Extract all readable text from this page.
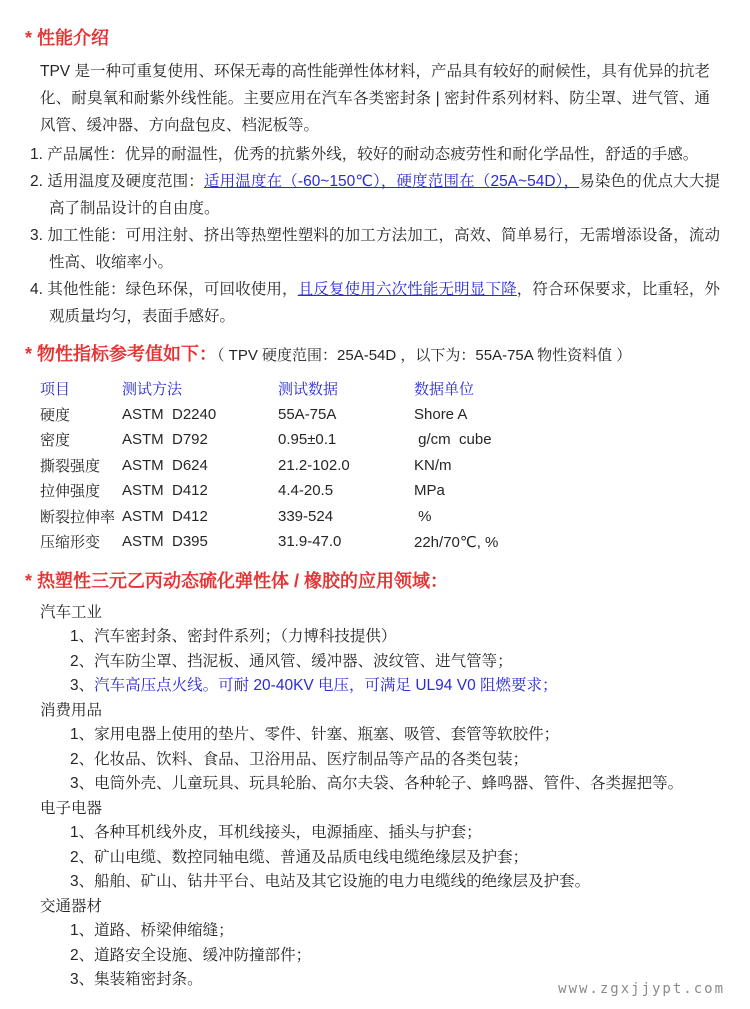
* 性能介绍
TPV 是一种可重复使用、环保无毒的高性能弹性体材料，产品具有较好的耐候性，具有优异的抗老化、耐臭氧和耐紫外线性能。主要应用在汽车各类密封条 | 密封件系列材料、防尘罩、进气管、通风管、缓冲器、方向盘包皮、档泥板等。
1. 产品属性：优异的耐温性，优秀的抗紫外线，较好的耐动态疲劳性和耐化学品性，舒适的手感。
2. 适用温度及硬度范围：适用温度在（-60~150℃），硬度范围在（25A~54D），易染色的优点大大提高了制品设计的自由度。
3. 加工性能：可用注射、挤出等热塑性塑料的加工方法加工，高效、简单易行，无需增添设备，流动性高、收缩率小。
4. 其他性能：绿色环保，可回收使用，且反复使用六次性能无明显下降，符合环保要求，比重轻，外观质量均匀，表面手感好。
* 物性指标参考值如下：（ TPV 硬度范围：25A-54D ，以下为：55A-75A 物性资料值 ）
项目	测试方法	测试数据	数据单位
硬度	ASTM  D2240	55A-75A	Shore A
密度	ASTM  D792	0.95±0.1	g/cm  cube
撕裂强度	ASTM  D624	21.2-102.0	KN/m
拉伸强度	ASTM  D412	4.4-20.5	MPa
断裂拉伸率	ASTM  D412	339-524	%
压缩形变	ASTM  D395	31.9-47.0	22h/70℃, %
* 热塑性三元乙丙动态硫化弹性体 / 橡胶的应用领域：
汽车工业
1、汽车密封条、密封件系列；（力博科技提供）
2、汽车防尘罩、挡泥板、通风管、缓冲器、波纹管、进气管等；
3、汽车高压点火线。可耐 20-40KV 电压，可满足 UL94 V0 阻燃要求；
消费用品
1、家用电器上使用的垫片、零件、针塞、瓶塞、吸管、套管等软胶件；
2、化妆品、饮料、食品、卫浴用品、医疗制品等产品的各类包装；
3、电筒外壳、儿童玩具、玩具轮胎、高尔夫袋、各种轮子、蜂鸣器、管件、各类握把等。
电子电器
1、各种耳机线外皮，耳机线接头，电源插座、插头与护套；
2、矿山电缆、数控同轴电缆、普通及品质电线电缆绝缘层及护套；
3、船舶、矿山、钻井平台、电站及其它设施的电力电缆线的绝缘层及护套。
交通器材
1、道路、桥梁伸缩缝；
2、道路安全设施、缓冲防撞部件；
3、集装箱密封条。
www.zgxjjypt.com
